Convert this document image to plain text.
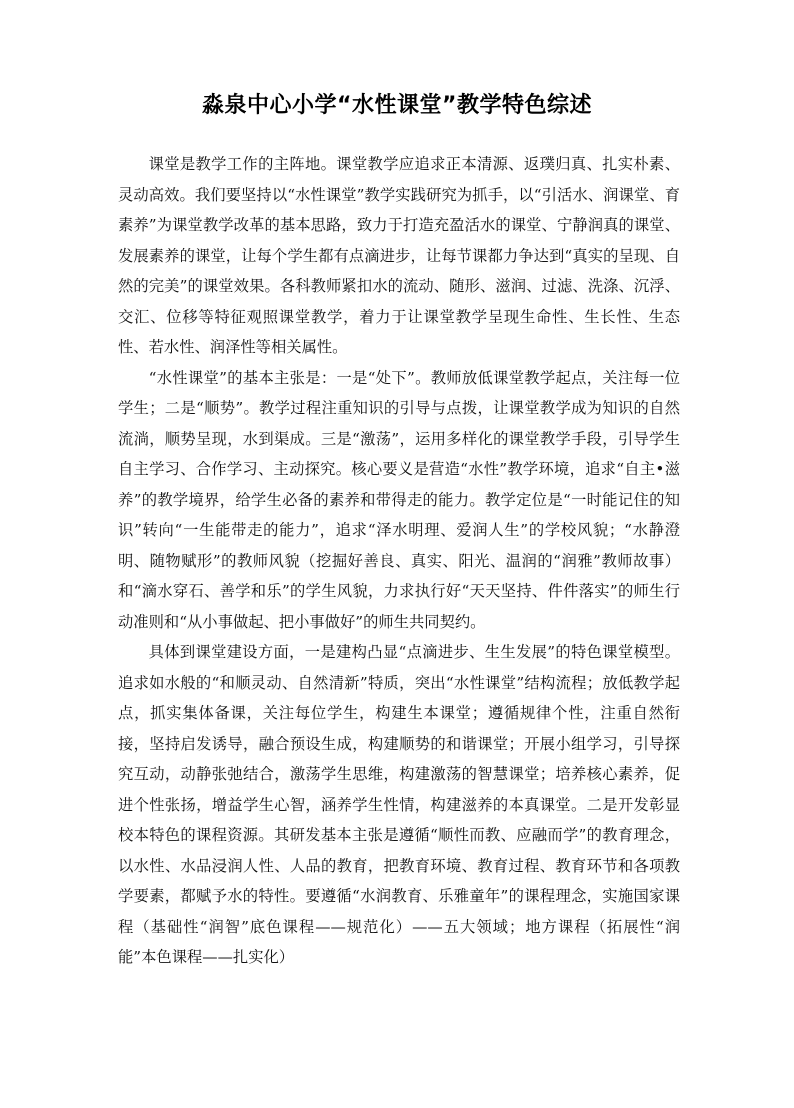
淼泉中心小学“水性课堂”教学特色综述

课堂是教学工作的主阵地。课堂教学应追求正本清源、返璞归真、扎实朴素、灵动高效。我们要坚持以“水性课堂”教学实践研究为抓手，以“引活水、润课堂、育素养”为课堂教学改革的基本思路，致力于打造充盈活水的课堂、宁静润真的课堂、发展素养的课堂，让每个学生都有点滴进步，让每节课都力争达到“真实的呈现、自然的完美”的课堂效果。各科教师紧扣水的流动、随形、滋润、过滤、洗涤、沉浮、交汇、位移等特征观照课堂教学，着力于让课堂教学呈现生命性、生长性、生态性、若水性、润泽性等相关属性。

“水性课堂”的基本主张是：一是“处下”。教师放低课堂教学起点，关注每一位学生；二是“顺势”。教学过程注重知识的引导与点拨，让课堂教学成为知识的自然流淌，顺势呈现，水到渠成。三是“激荡”，运用多样化的课堂教学手段，引导学生自主学习、合作学习、主动探究。核心要义是营造“水性”教学环境，追求“自主•滋养”的教学境界，给学生必备的素养和带得走的能力。教学定位是“一时能记住的知识”转向“一生能带走的能力”，追求“泽水明理、爱润人生”的学校风貌；“水静澄明、随物赋形”的教师风貌（挖掘好善良、真实、阳光、温润的“润雅”教师故事）和“滴水穿石、善学和乐”的学生风貌，力求执行好“天天坚持、件件落实”的师生行动准则和“从小事做起、把小事做好”的师生共同契约。

具体到课堂建设方面，一是建构凸显“点滴进步、生生发展”的特色课堂模型。追求如水般的“和顺灵动、自然清新”特质，突出“水性课堂”结构流程；放低教学起点，抓实集体备课，关注每位学生，构建生本课堂；遵循规律个性，注重自然衔接，坚持启发诱导，融合预设生成，构建顺势的和谐课堂；开展小组学习，引导探究互动，动静张弛结合，激荡学生思维，构建激荡的智慧课堂；培养核心素养，促进个性张扬，增益学生心智，涵养学生性情，构建滋养的本真课堂。二是开发彰显校本特色的课程资源。其研发基本主张是遵循“顺性而教、应融而学”的教育理念，以水性、水品浸润人性、人品的教育，把教育环境、教育过程、教育环节和各项教学要素，都赋予水的特性。要遵循“水润教育、乐雅童年”的课程理念，实施国家课程（基础性“润智”底色课程——规范化）——五大领域；地方课程（拓展性“润能”本色课程——扎实化）
